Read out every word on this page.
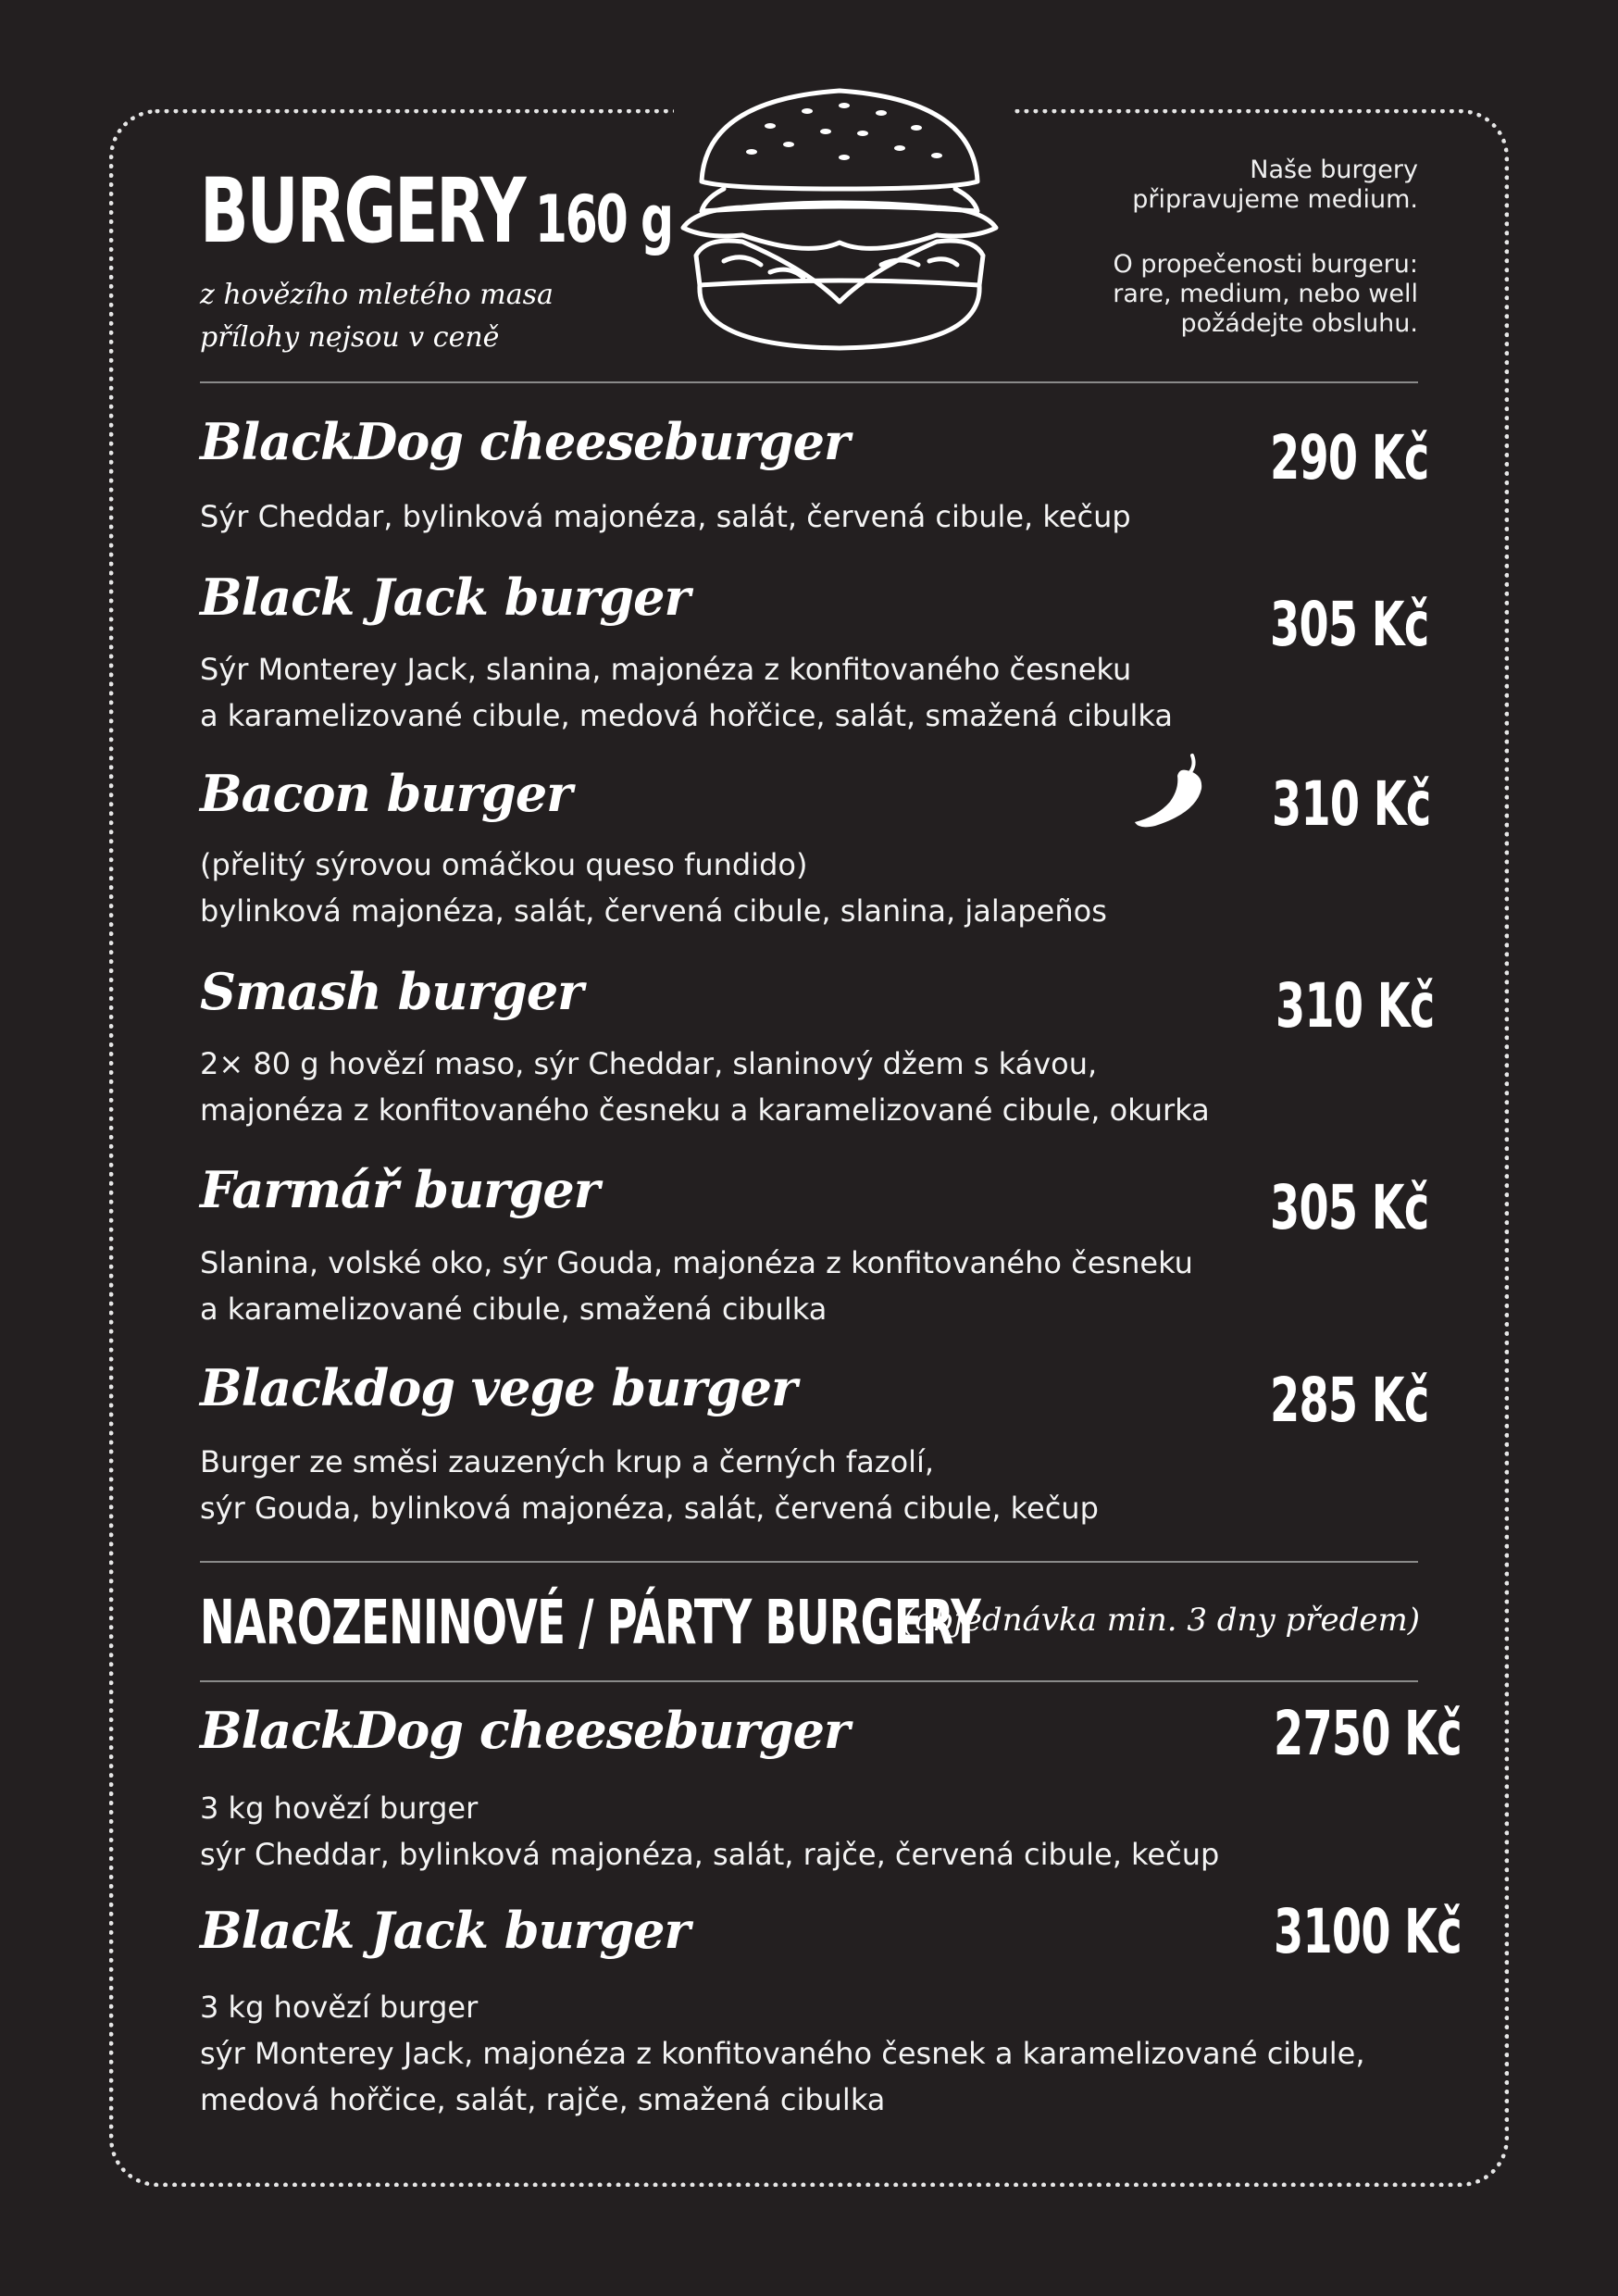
BURGERY 160 g
z hovězího mletého masa
přílohy nejsou v ceně
Naše burgery
připravujeme medium.
O propečenosti burgeru:
rare, medium, nebo well
požádejte obsluhu.
BlackDog cheeseburger	290 Kč
Sýr Cheddar, bylinková majonéza, salát, červená cibule, kečup
Black Jack burger	305 Kč
Sýr Monterey Jack, slanina, majonéza z konfitovaného česneku
a karamelizované cibule, medová hořčice, salát, smažená cibulka
Bacon burger	310 Kč
(přelitý sýrovou omáčkou queso fundido)
bylinková majonéza, salát, červená cibule, slanina, jalapeños
Smash burger	310 Kč
2× 80 g hovězí maso, sýr Cheddar, slaninový džem s kávou,
majonéza z konfitovaného česneku a karamelizované cibule, okurka
Farmář burger	305 Kč
Slanina, volské oko, sýr Gouda, majonéza z konfitovaného česneku
a karamelizované cibule, smažená cibulka
Blackdog vege burger	285 Kč
Burger ze směsi zauzených krup a černých fazolí,
sýr Gouda, bylinková majonéza, salát, červená cibule, kečup
NAROZENINOVÉ / PÁRTY BURGERY
(objednávka min. 3 dny předem)
BlackDog cheeseburger	2750 Kč
3 kg hovězí burger
sýr Cheddar, bylinková majonéza, salát, rajče, červená cibule, kečup
Black Jack burger	3100 Kč
3 kg hovězí burger
sýr Monterey Jack, majonéza z konfitovaného česnek a karamelizované cibule,
medová hořčice, salát, rajče, smažená cibulka
